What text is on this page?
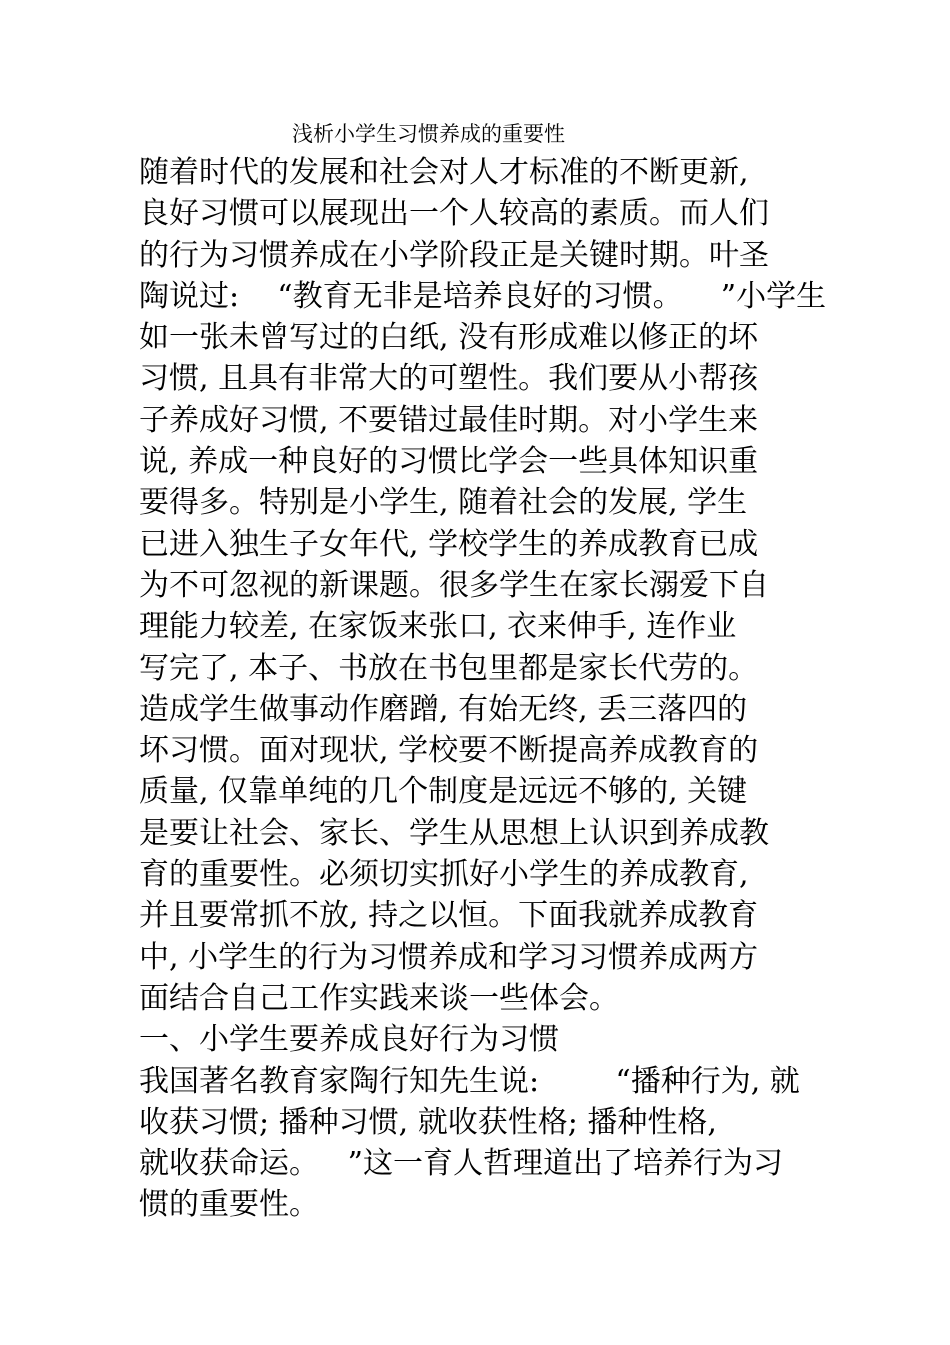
浅析小学生习惯养成的重要性
随着时代的发展和社会对人才标准的不断更新,
良好习惯可以展现出一个人较高的素质。而人们
的行为习惯养成在小学阶段正是关键时期。叶圣
陶说过:    “教育无非是培养良好的习惯。    ”小学生
如一张未曾写过的白纸, 没有形成难以修正的坏
习惯, 且具有非常大的可塑性。我们要从小帮孩
子养成好习惯, 不要错过最佳时期。对小学生来
说, 养成一种良好的习惯比学会一些具体知识重
要得多。特别是小学生, 随着社会的发展, 学生
已进入独生子女年代, 学校学生的养成教育已成
为不可忽视的新课题。很多学生在家长溺爱下自
理能力较差, 在家饭来张口, 衣来伸手, 连作业
写完了, 本子、书放在书包里都是家长代劳的。
造成学生做事动作磨蹭, 有始无终, 丢三落四的
坏习惯。面对现状, 学校要不断提高养成教育的
质量, 仅靠单纯的几个制度是远远不够的, 关键
是要让社会、家长、学生从思想上认识到养成教
育的重要性。必须切实抓好小学生的养成教育,
并且要常抓不放, 持之以恒。下面我就养成教育
中, 小学生的行为习惯养成和学习习惯养成两方
面结合自己工作实践来谈一些体会。
一、小学生要养成良好行为习惯
我国著名教育家陶行知先生说:        “播种行为, 就
收获习惯; 播种习惯, 就收获性格; 播种性格,
就收获命运。   ”这一育人哲理道出了培养行为习
惯的重要性。
